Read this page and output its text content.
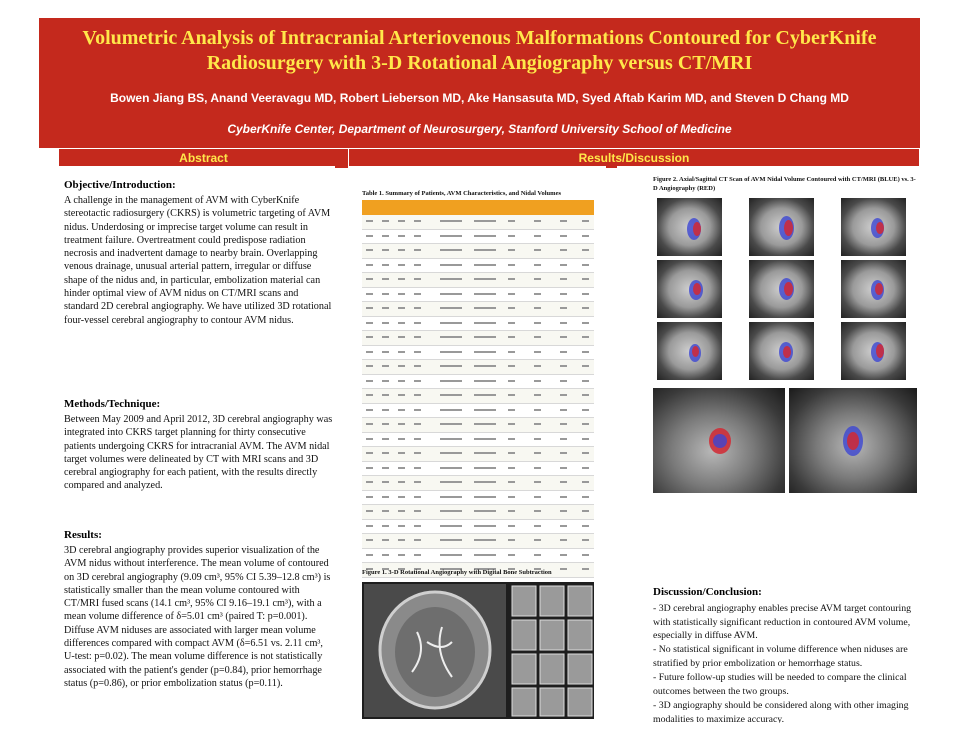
Volumetric Analysis of Intracranial Arteriovenous Malformations Contoured for CyberKnife Radiosurgery with 3-D Rotational Angiography versus CT/MRI
Bowen Jiang BS, Anand Veeravagu MD, Robert Lieberson MD, Ake Hansasuta MD, Syed Aftab Karim MD, and Steven D Chang MD
CyberKnife Center, Department of Neurosurgery, Stanford University School of Medicine
Abstract	Results/Discussion
Objective/Introduction:
A challenge in the management of AVM with CyberKnife stereotactic radiosurgery (CKRS) is volumetric targeting of AVM nidus. Underdosing or imprecise target volume can result in treatment failure. Overtreatment could predispose radiation necrosis and inadvertent damage to nearby brain. Overlapping venous drainage, unusual arterial pattern, irregular or diffuse shape of the nidus and, in particular, embolization material can hinder optimal view of AVM nidus on CT/MRI scans and standard 2D cerebral angiography. We have utilized 3D rotational four-vessel cerebral angiography to contour AVM nidus.
Methods/Technique:
Between May 2009 and April 2012, 3D cerebral angiography was integrated into CKRS target planning for thirty consecutive patients undergoing CKRS for intracranial AVM. The AVM nidal target volumes were delineated by CT with MRI scans and 3D cerebral angiography for each patient, with the results directly compared and analyzed.
Results:
3D cerebral angiography provides superior visualization of the AVM nidus without interference. The mean volume of contoured on 3D cerebral angiography (9.09 cm³, 95% CI 5.39–12.8 cm³) is statistically smaller than the mean volume contoured with CT/MRI fused scans (14.1 cm³, 95% CI 9.16–19.1 cm³), with a mean volume difference of δ=5.01 cm³ (paired T: p=0.001). Diffuse AVM niduses are associated with larger mean volume differences compared with compact AVM (δ=6.51 vs. 2.11 cm³, U-test: p=0.02). The mean volume difference is not statistically associated with the patient's gender (p=0.84), prior hemorrhage status (p=0.86), or prior embolization status (p=0.11).
Table 1. Summary of Patients, AVM Characteristics, and Nidal Volumes
Figure 1. 3-D Rotational Angiography with Digital Bone Subtraction
Figure 2. Axial/Sagittal CT Scan of AVM Nidal Volume Contoured with CT/MRI (BLUE) vs. 3-D Angiography (RED)
Discussion/Conclusion:
- 3D cerebral angiography enables precise AVM target contouring with statistically significant reduction in contoured AVM volume, especially in diffuse AVM.
- No statistical significant in volume difference when niduses are stratified by prior embolization or hemorrhage status.
- Future follow-up studies will be needed to compare the clinical outcomes between the two groups.
- 3D angiography should be considered along with other imaging modalities to maximize accuracy.
